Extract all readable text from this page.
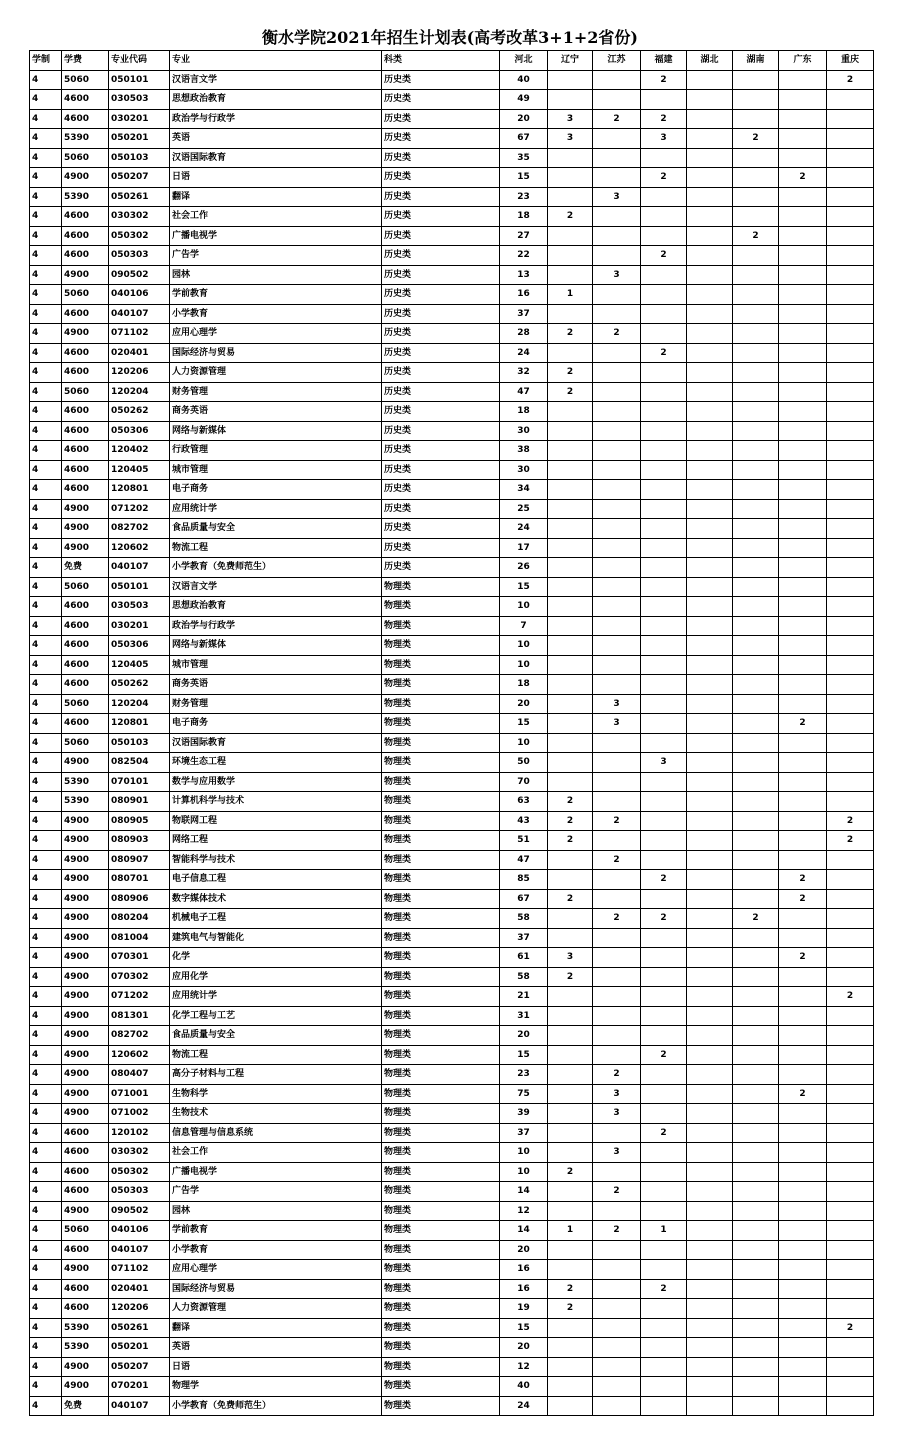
衡水学院2021年招生计划表(高考改革3+1+2省份)
学制	学费	专业代码	专业	科类	河北	辽宁	江苏	福建	湖北	湖南	广东	重庆
4	5060	050101	汉语言文学	历史类	40			2				2
4	4600	030503	思想政治教育	历史类	49							
4	4600	030201	政治学与行政学	历史类	20	3	2	2				
4	5390	050201	英语	历史类	67	3		3		2		
4	5060	050103	汉语国际教育	历史类	35							
4	4900	050207	日语	历史类	15			2			2	
4	5390	050261	翻译	历史类	23		3					
4	4600	030302	社会工作	历史类	18	2						
4	4600	050302	广播电视学	历史类	27					2		
4	4600	050303	广告学	历史类	22			2				
4	4900	090502	园林	历史类	13		3					
4	5060	040106	学前教育	历史类	16	1						
4	4600	040107	小学教育	历史类	37							
4	4900	071102	应用心理学	历史类	28	2	2					
4	4600	020401	国际经济与贸易	历史类	24			2				
4	4600	120206	人力资源管理	历史类	32	2						
4	5060	120204	财务管理	历史类	47	2						
4	4600	050262	商务英语	历史类	18							
4	4600	050306	网络与新媒体	历史类	30							
4	4600	120402	行政管理	历史类	38							
4	4600	120405	城市管理	历史类	30							
4	4600	120801	电子商务	历史类	34							
4	4900	071202	应用统计学	历史类	25							
4	4900	082702	食品质量与安全	历史类	24							
4	4900	120602	物流工程	历史类	17							
4	免费	040107	小学教育（免费师范生）	历史类	26							
4	5060	050101	汉语言文学	物理类	15							
4	4600	030503	思想政治教育	物理类	10							
4	4600	030201	政治学与行政学	物理类	7							
4	4600	050306	网络与新媒体	物理类	10							
4	4600	120405	城市管理	物理类	10							
4	4600	050262	商务英语	物理类	18							
4	5060	120204	财务管理	物理类	20		3					
4	4600	120801	电子商务	物理类	15		3				2	
4	5060	050103	汉语国际教育	物理类	10							
4	4900	082504	环境生态工程	物理类	50			3				
4	5390	070101	数学与应用数学	物理类	70							
4	5390	080901	计算机科学与技术	物理类	63	2						
4	4900	080905	物联网工程	物理类	43	2	2					2
4	4900	080903	网络工程	物理类	51	2						2
4	4900	080907	智能科学与技术	物理类	47		2					
4	4900	080701	电子信息工程	物理类	85			2			2	
4	4900	080906	数字媒体技术	物理类	67	2					2	
4	4900	080204	机械电子工程	物理类	58		2	2		2		
4	4900	081004	建筑电气与智能化	物理类	37							
4	4900	070301	化学	物理类	61	3					2	
4	4900	070302	应用化学	物理类	58	2						
4	4900	071202	应用统计学	物理类	21							2
4	4900	081301	化学工程与工艺	物理类	31							
4	4900	082702	食品质量与安全	物理类	20							
4	4900	120602	物流工程	物理类	15			2				
4	4900	080407	高分子材料与工程	物理类	23		2					
4	4900	071001	生物科学	物理类	75		3				2	
4	4900	071002	生物技术	物理类	39		3					
4	4600	120102	信息管理与信息系统	物理类	37			2				
4	4600	030302	社会工作	物理类	10		3					
4	4600	050302	广播电视学	物理类	10	2						
4	4600	050303	广告学	物理类	14		2					
4	4900	090502	园林	物理类	12							
4	5060	040106	学前教育	物理类	14	1	2	1				
4	4600	040107	小学教育	物理类	20							
4	4900	071102	应用心理学	物理类	16							
4	4600	020401	国际经济与贸易	物理类	16	2		2				
4	4600	120206	人力资源管理	物理类	19	2						
4	5390	050261	翻译	物理类	15							2
4	5390	050201	英语	物理类	20							
4	4900	050207	日语	物理类	12							
4	4900	070201	物理学	物理类	40							
4	免费	040107	小学教育（免费师范生）	物理类	24							
